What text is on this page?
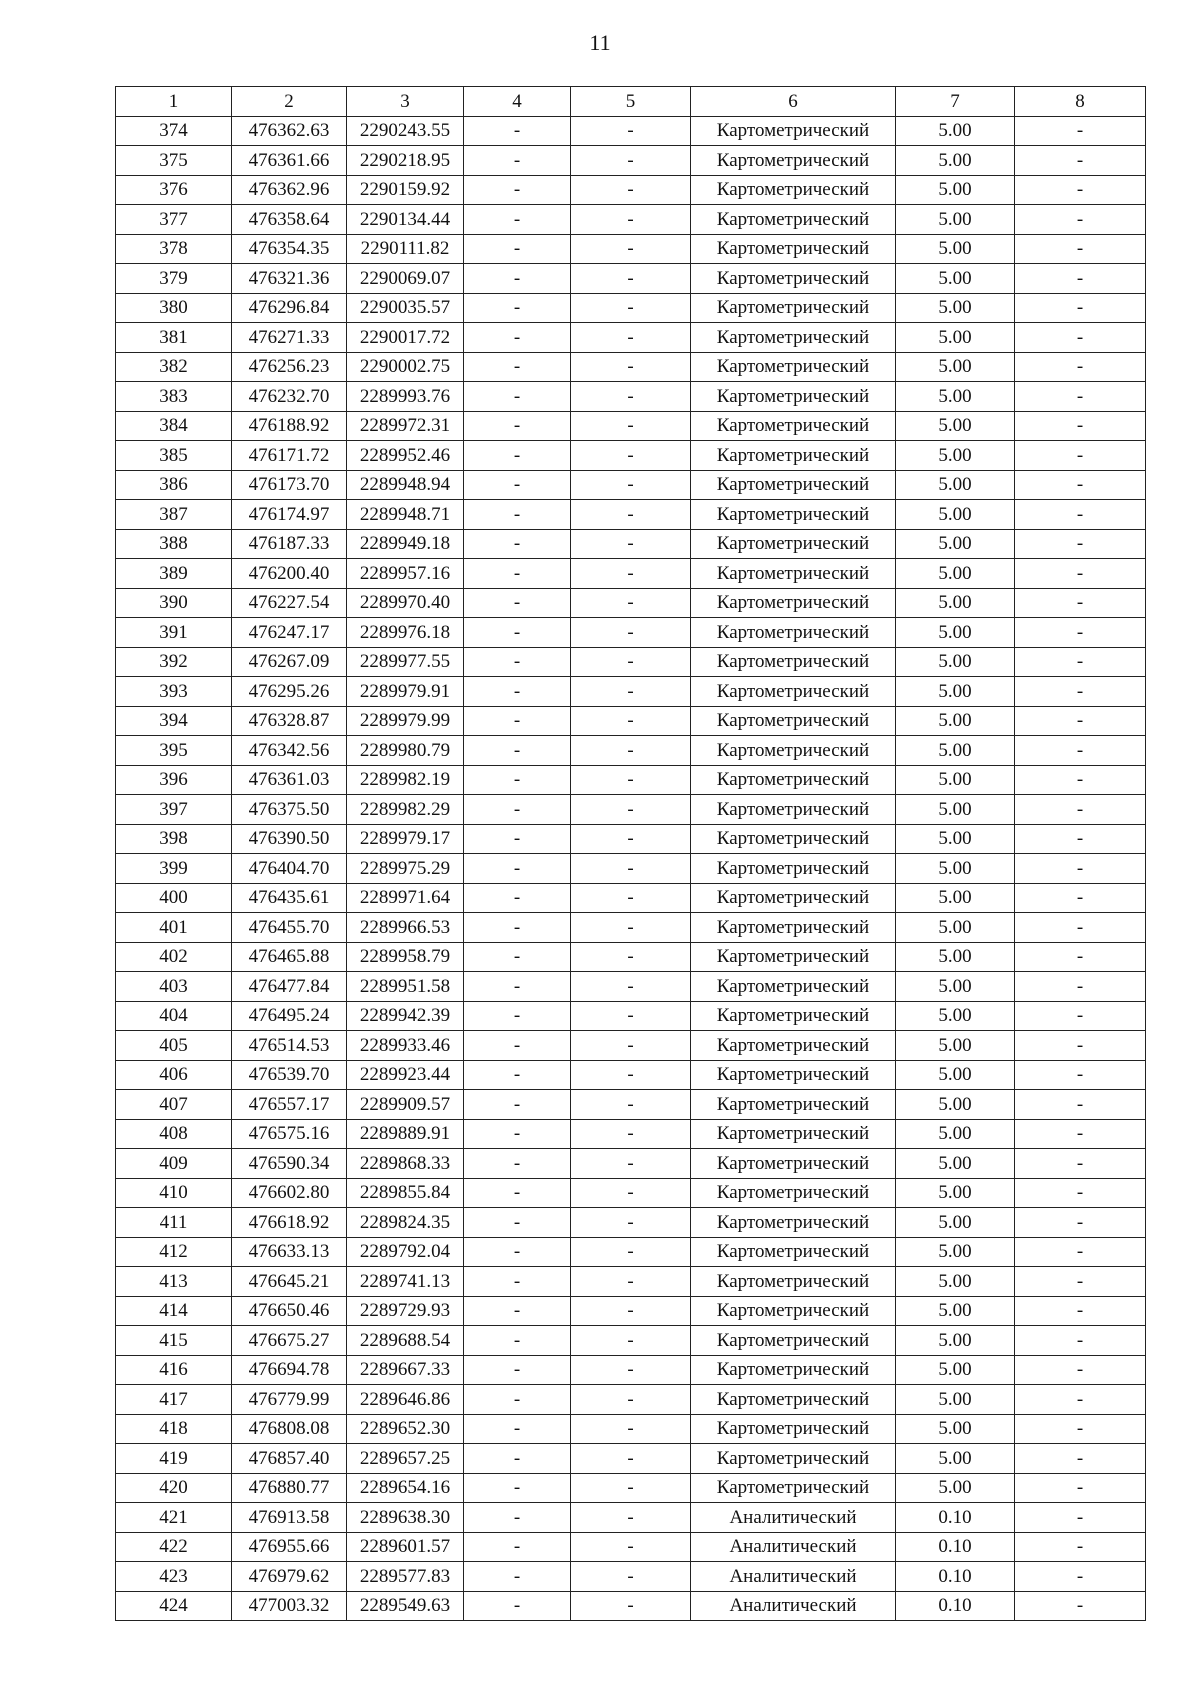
11
1	2	3	4	5	6	7	8
374	476362.63	2290243.55	-	-	Картометрический	5.00	-
375	476361.66	2290218.95	-	-	Картометрический	5.00	-
376	476362.96	2290159.92	-	-	Картометрический	5.00	-
377	476358.64	2290134.44	-	-	Картометрический	5.00	-
378	476354.35	2290111.82	-	-	Картометрический	5.00	-
379	476321.36	2290069.07	-	-	Картометрический	5.00	-
380	476296.84	2290035.57	-	-	Картометрический	5.00	-
381	476271.33	2290017.72	-	-	Картометрический	5.00	-
382	476256.23	2290002.75	-	-	Картометрический	5.00	-
383	476232.70	2289993.76	-	-	Картометрический	5.00	-
384	476188.92	2289972.31	-	-	Картометрический	5.00	-
385	476171.72	2289952.46	-	-	Картометрический	5.00	-
386	476173.70	2289948.94	-	-	Картометрический	5.00	-
387	476174.97	2289948.71	-	-	Картометрический	5.00	-
388	476187.33	2289949.18	-	-	Картометрический	5.00	-
389	476200.40	2289957.16	-	-	Картометрический	5.00	-
390	476227.54	2289970.40	-	-	Картометрический	5.00	-
391	476247.17	2289976.18	-	-	Картометрический	5.00	-
392	476267.09	2289977.55	-	-	Картометрический	5.00	-
393	476295.26	2289979.91	-	-	Картометрический	5.00	-
394	476328.87	2289979.99	-	-	Картометрический	5.00	-
395	476342.56	2289980.79	-	-	Картометрический	5.00	-
396	476361.03	2289982.19	-	-	Картометрический	5.00	-
397	476375.50	2289982.29	-	-	Картометрический	5.00	-
398	476390.50	2289979.17	-	-	Картометрический	5.00	-
399	476404.70	2289975.29	-	-	Картометрический	5.00	-
400	476435.61	2289971.64	-	-	Картометрический	5.00	-
401	476455.70	2289966.53	-	-	Картометрический	5.00	-
402	476465.88	2289958.79	-	-	Картометрический	5.00	-
403	476477.84	2289951.58	-	-	Картометрический	5.00	-
404	476495.24	2289942.39	-	-	Картометрический	5.00	-
405	476514.53	2289933.46	-	-	Картометрический	5.00	-
406	476539.70	2289923.44	-	-	Картометрический	5.00	-
407	476557.17	2289909.57	-	-	Картометрический	5.00	-
408	476575.16	2289889.91	-	-	Картометрический	5.00	-
409	476590.34	2289868.33	-	-	Картометрический	5.00	-
410	476602.80	2289855.84	-	-	Картометрический	5.00	-
411	476618.92	2289824.35	-	-	Картометрический	5.00	-
412	476633.13	2289792.04	-	-	Картометрический	5.00	-
413	476645.21	2289741.13	-	-	Картометрический	5.00	-
414	476650.46	2289729.93	-	-	Картометрический	5.00	-
415	476675.27	2289688.54	-	-	Картометрический	5.00	-
416	476694.78	2289667.33	-	-	Картометрический	5.00	-
417	476779.99	2289646.86	-	-	Картометрический	5.00	-
418	476808.08	2289652.30	-	-	Картометрический	5.00	-
419	476857.40	2289657.25	-	-	Картометрический	5.00	-
420	476880.77	2289654.16	-	-	Картометрический	5.00	-
421	476913.58	2289638.30	-	-	Аналитический	0.10	-
422	476955.66	2289601.57	-	-	Аналитический	0.10	-
423	476979.62	2289577.83	-	-	Аналитический	0.10	-
424	477003.32	2289549.63	-	-	Аналитический	0.10	-
